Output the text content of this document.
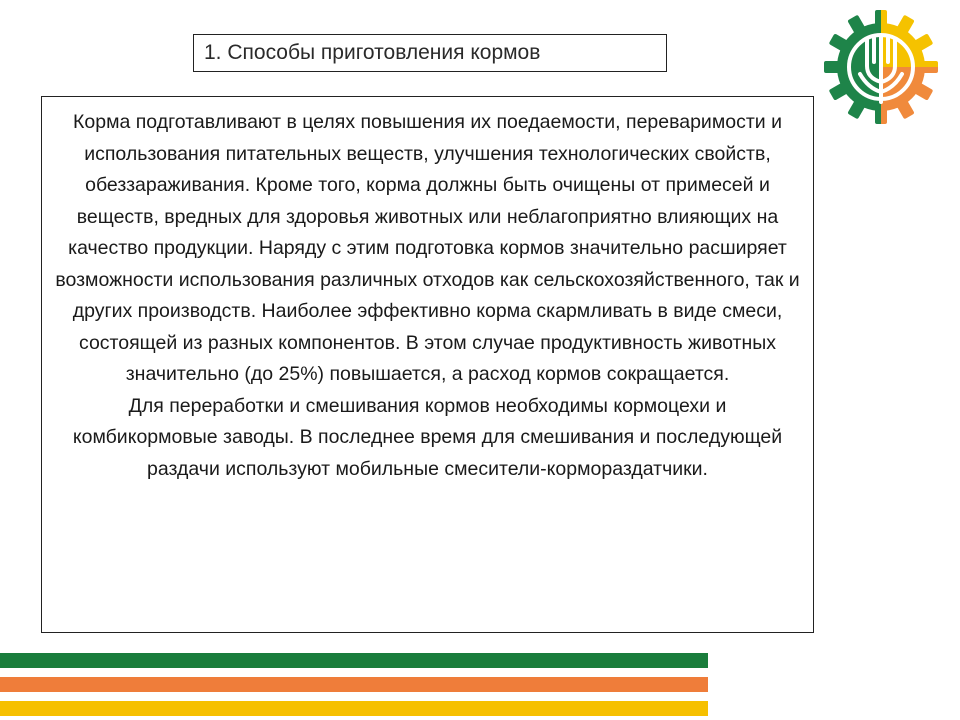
1. Способы приготовления кормов

Корма подготавливают в целях повышения их поедаемости, переваримости и использования питательных веществ, улучшения технологических свойств, обеззараживания. Кроме того, корма должны быть очищены от примесей и веществ, вредных для здоровья животных или неблагоприятно влияющих на качество продукции. Наряду с этим подготовка кормов значительно расширяет возможности использования различных отходов как сельскохозяйственного, так и других производств. Наиболее эффективно корма скармливать в виде смеси, состоящей из разных компонентов. В этом случае продуктивность животных значительно (до 25%) повышается, а расход кормов сокращается.

Для переработки и смешивания кормов необходимы кормоцехи и комбикормовые заводы. В последнее время для смешивания и последующей раздачи используют мобильные смесители-кормораздатчики.
